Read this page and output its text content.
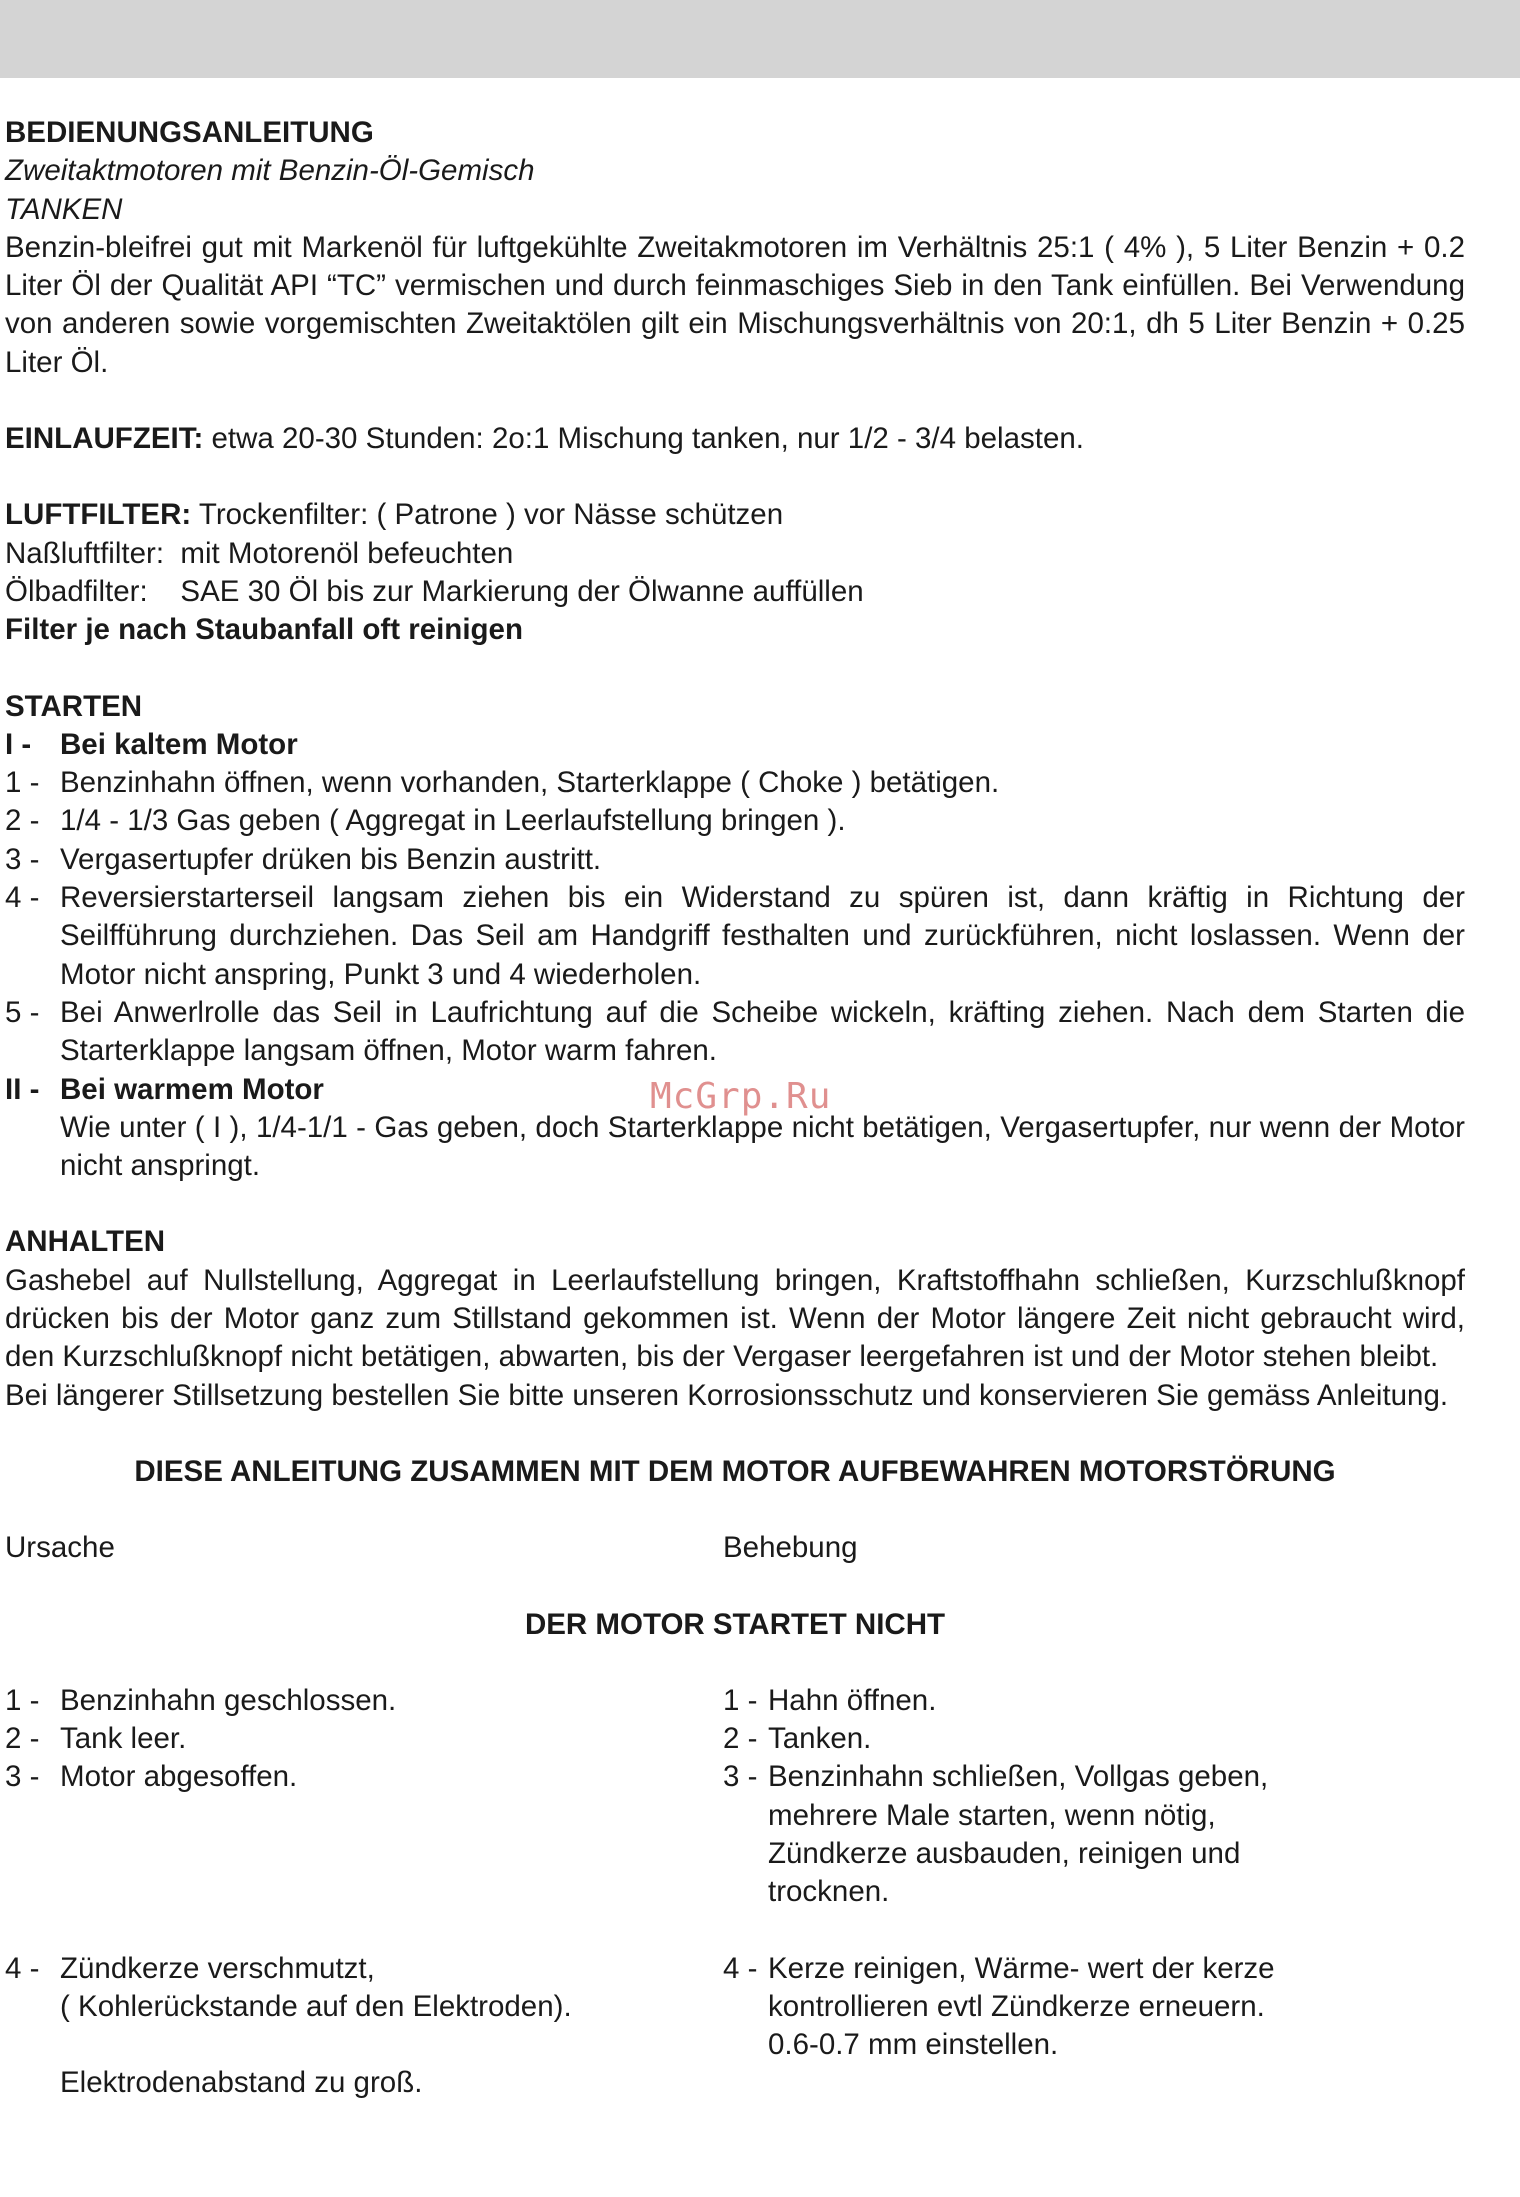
BEDIENUNGSANLEITUNG
Zweitaktmotoren mit Benzin-Öl-Gemisch
TANKEN
Benzin-bleifrei gut mit Markenöl für luftgekühlte Zweitakmotoren im Verhältnis 25:1 ( 4% ), 5 Liter Benzin + 0.2 Liter Öl der Qualität API “TC” vermischen und durch feinmaschiges Sieb in den Tank einfüllen. Bei Verwendung von anderen sowie vorgemischten Zweitaktölen gilt ein Mischungsverhältnis von 20:1, dh 5 Liter Benzin + 0.25 Liter Öl.
EINLAUFZEIT: etwa 20-30 Stunden: 2o:1 Mischung tanken, nur 1/2 - 3/4 belasten.
LUFTFILTER: Trockenfilter: ( Patrone ) vor Nässe schützen
Naßluftfilter:  mit Motorenöl befeuchten
Ölbadfilter:    SAE 30 Öl bis zur Markierung der Ölwanne auffüllen
Filter je nach Staubanfall oft reinigen
STARTEN
I - Bei kaltem Motor
1 - Benzinhahn öffnen, wenn vorhanden, Starterklappe ( Choke ) betätigen.
2 - 1/4 - 1/3 Gas geben ( Aggregat in Leerlaufstellung bringen ).
3 - Vergasertupfer drüken bis Benzin austritt.
4 - Reversierstarterseil langsam ziehen bis ein Widerstand zu spüren ist, dann kräftig in Richtung der Seilfführung durchziehen. Das Seil am Handgriff festhalten und zurückführen, nicht loslassen. Wenn der Motor nicht anspring, Punkt 3 und 4 wiederholen.
5 - Bei Anwerlrolle das Seil in Laufrichtung auf die Scheibe wickeln, kräfting ziehen. Nach dem Starten die Starterklappe langsam öffnen, Motor warm fahren.
II - Bei warmem Motor
Wie unter ( I ), 1/4-1/1 - Gas geben, doch Starterklappe nicht betätigen, Vergasertupfer, nur wenn der Motor nicht anspringt.
ANHALTEN
Gashebel auf Nullstellung, Aggregat in Leerlaufstellung bringen, Kraftstoffhahn schließen, Kurzschlußknopf drücken bis der Motor ganz zum Stillstand gekommen ist. Wenn der Motor längere Zeit nicht gebraucht wird, den Kurzschlußknopf nicht betätigen, abwarten, bis der Vergaser leergefahren ist und der Motor stehen bleibt.
Bei längerer Stillsetzung bestellen Sie bitte unseren Korrosionsschutz und konservieren Sie gemäss Anleitung.
DIESE ANLEITUNG ZUSAMMEN MIT DEM MOTOR AUFBEWAHREN MOTORSTÖRUNG
Ursache	Behebung
DER MOTOR STARTET NICHT
1 - Benzinhahn geschlossen.
2 - Tank leer.
3 - Motor abgesoffen.
1 - Hahn öffnen.
2 - Tanken.
3 - Benzinhahn schließen, Vollgas geben, mehrere Male starten, wenn nötig, Zündkerze ausbauden, reinigen und trocknen.
4 - Zündkerze verschmutzt,
( Kohlerückstande auf den Elektroden).

Elektrodenabstand zu groß.
4 - Kerze reinigen, Wärme- wert der kerze kontrollieren evtl Zündkerze erneuern.
0.6-0.7 mm einstellen.
McGrp.Ru
